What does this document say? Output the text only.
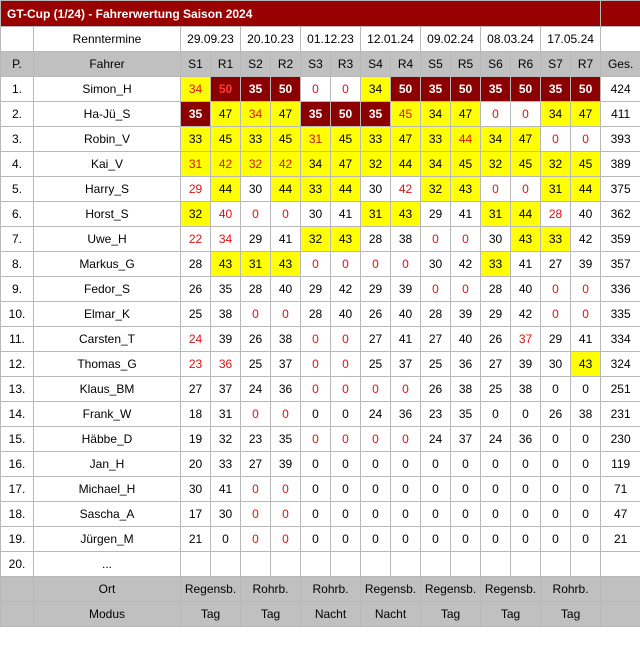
GT-Cup (1/24) - Fahrerwertung Saison 2024																
	Renntermine	29.09.23		20.10.23		01.12.23		12.01.24		09.02.24		08.03.24		17.05.24		
P.	Fahrer	S1	R1	S2	R2	S3	R3	S4	R4	S5	R5	S6	R6	S7	R7	Ges.
1.	Simon_H	34	50	35	50	0	0	34	50	35	50	35	50	35	50	424
2.	Ha-Jü_S	35	47	34	47	35	50	35	45	34	47	0	0	34	47	411
3.	Robin_V	33	45	33	45	31	45	33	47	33	44	34	47	0	0	393
4.	Kai_V	31	42	32	42	34	47	32	44	34	45	32	45	32	45	389
5.	Harry_S	29	44	30	44	33	44	30	42	32	43	0	0	31	44	375
6.	Horst_S	32	40	0	0	30	41	31	43	29	41	31	44	28	40	362
7.	Uwe_H	22	34	29	41	32	43	28	38	0	0	30	43	33	42	359
8.	Markus_G	28	43	31	43	0	0	0	0	30	42	33	41	27	39	357
9.	Fedor_S	26	35	28	40	29	42	29	39	0	0	28	40	0	0	336
10.	Elmar_K	25	38	0	0	28	40	26	40	28	39	29	42	0	0	335
11.	Carsten_T	24	39	26	38	0	0	27	41	27	40	26	37	29	41	334
12.	Thomas_G	23	36	25	37	0	0	25	37	25	36	27	39	30	43	324
13.	Klaus_BM	27	37	24	36	0	0	0	0	26	38	25	38	0	0	251
14.	Frank_W	18	31	0	0	0	0	24	36	23	35	0	0	26	38	231
15.	Häbbe_D	19	32	23	35	0	0	0	0	24	37	24	36	0	0	230
16.	Jan_H	20	33	27	39	0	0	0	0	0	0	0	0	0	0	119
17.	Michael_H	30	41	0	0	0	0	0	0	0	0	0	0	0	0	71
18.	Sascha_A	17	30	0	0	0	0	0	0	0	0	0	0	0	0	47
19.	Jürgen_M	21	0	0	0	0	0	0	0	0	0	0	0	0	0	21
20.	...															
	Ort	Regensb.		Rohrb.		Rohrb.		Regensb.		Regensb.		Regensb.		Rohrb.		
	Modus	Tag		Tag		Nacht		Nacht		Tag		Tag		Tag		
